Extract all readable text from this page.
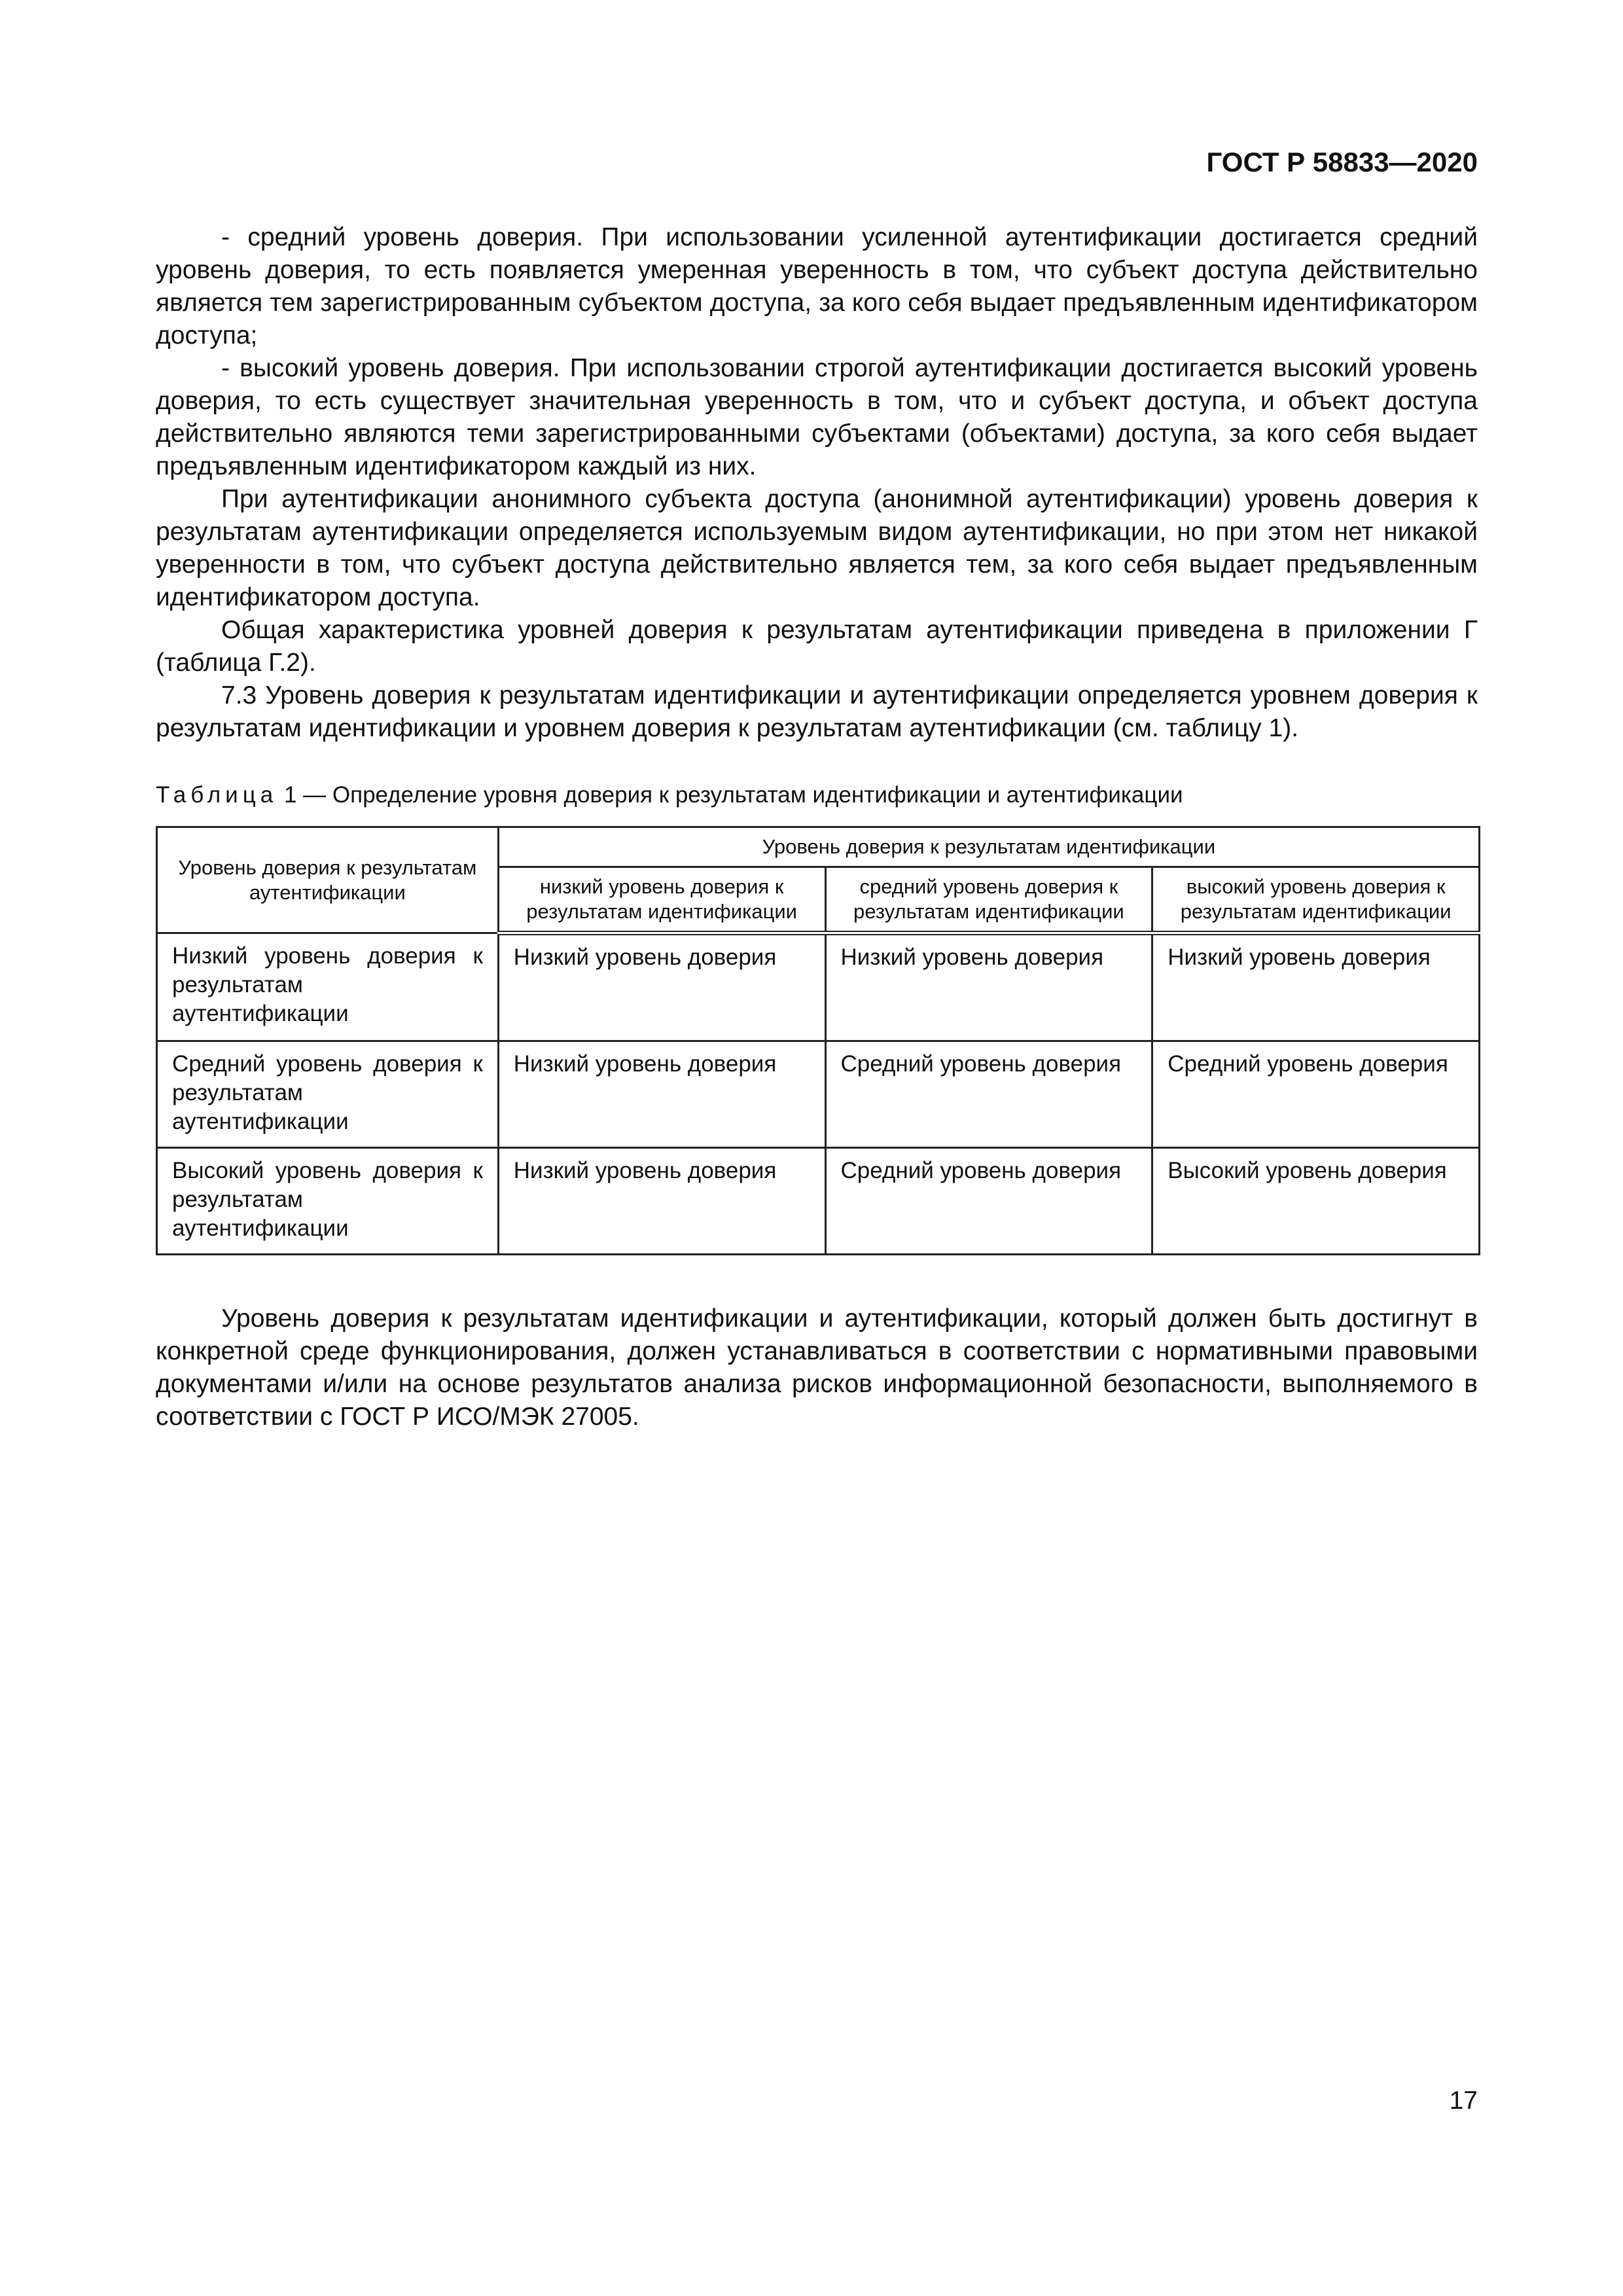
ГОСТ Р 58833—2020

- средний уровень доверия. При использовании усиленной аутентификации достигается средний уровень доверия, то есть появляется умеренная уверенность в том, что субъект доступа действительно является тем зарегистрированным субъектом доступа, за кого себя выдает предъявленным идентификатором доступа;

- высокий уровень доверия. При использовании строгой аутентификации достигается высокий уровень доверия, то есть существует значительная уверенность в том, что и субъект доступа, и объект доступа действительно являются теми зарегистрированными субъектами (объектами) доступа, за кого себя выдает предъявленным идентификатором каждый из них.

При аутентификации анонимного субъекта доступа (анонимной аутентификации) уровень доверия к результатам аутентификации определяется используемым видом аутентификации, но при этом нет никакой уверенности в том, что субъект доступа действительно является тем, за кого себя выдает предъявленным идентификатором доступа.

Общая характеристика уровней доверия к результатам аутентификации приведена в приложении Г (таблица Г.2).

7.3 Уровень доверия к результатам идентификации и аутентификации определяется уровнем доверия к результатам идентификации и уровнем доверия к результатам аутентификации (см. таблицу 1).

Таблица 1 — Определение уровня доверия к результатам идентификации и аутентификации
Уровень доверия к результатам аутентификации	Уровень доверия к результатам идентификации		
	низкий уровень доверия к результатам идентификации	средний уровень доверия к результатам идентификации	высокий уровень доверия к результатам идентификации
Низкий уровень доверия к результатам аутентификации	Низкий уровень доверия	Низкий уровень доверия	Низкий уровень доверия
Средний уровень доверия к результатам аутентификации	Низкий уровень доверия	Средний уровень доверия	Средний уровень доверия
Высокий уровень доверия к результатам аутентификации	Низкий уровень доверия	Средний уровень доверия	Высокий уровень доверия

Уровень доверия к результатам идентификации и аутентификации, который должен быть достигнут в конкретной среде функционирования, должен устанавливаться в соответствии с нормативными правовыми документами и/или на основе результатов анализа рисков информационной безопасности, выполняемого в соответствии с ГОСТ Р ИСО/МЭК 27005.

17
